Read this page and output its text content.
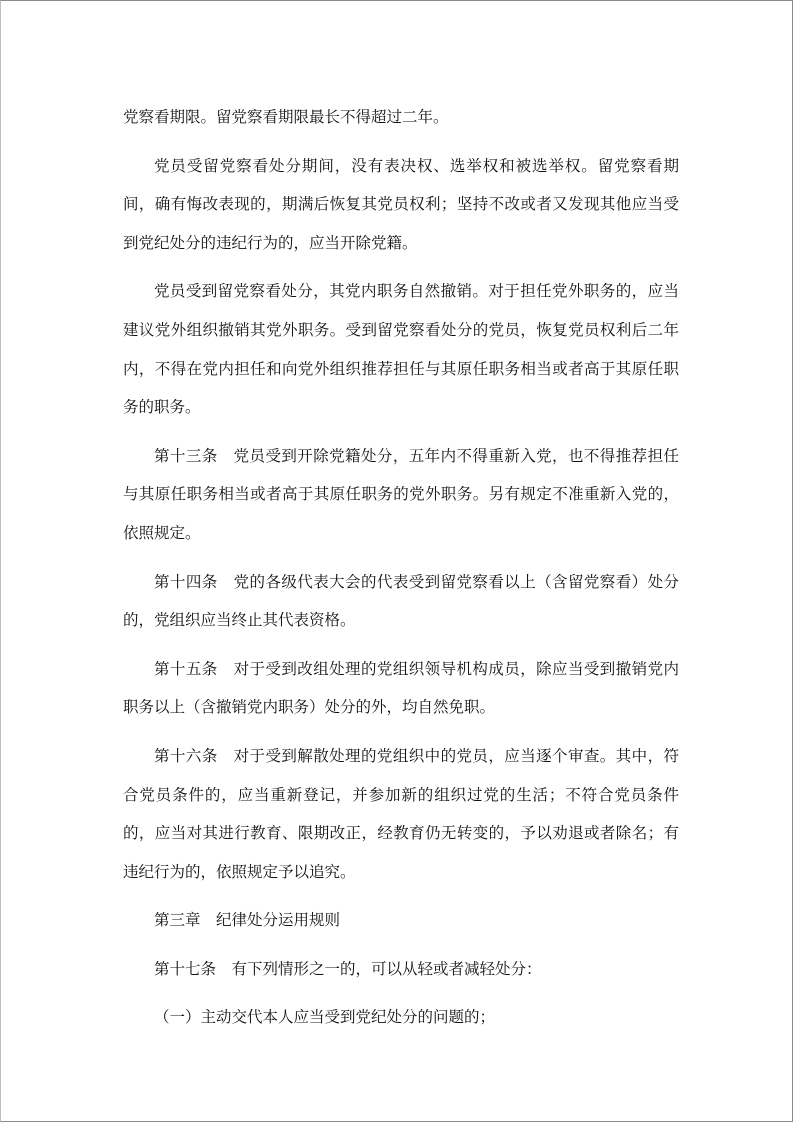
党察看期限。留党察看期限最长不得超过二年。

党员受留党察看处分期间，没有表决权、选举权和被选举权。留党察看期间，确有悔改表现的，期满后恢复其党员权利；坚持不改或者又发现其他应当受到党纪处分的违纪行为的，应当开除党籍。

党员受到留党察看处分，其党内职务自然撤销。对于担任党外职务的，应当建议党外组织撤销其党外职务。受到留党察看处分的党员，恢复党员权利后二年内，不得在党内担任和向党外组织推荐担任与其原任职务相当或者高于其原任职务的职务。

第十三条　党员受到开除党籍处分，五年内不得重新入党，也不得推荐担任与其原任职务相当或者高于其原任职务的党外职务。另有规定不准重新入党的，依照规定。

第十四条　党的各级代表大会的代表受到留党察看以上（含留党察看）处分的，党组织应当终止其代表资格。

第十五条　对于受到改组处理的党组织领导机构成员，除应当受到撤销党内职务以上（含撤销党内职务）处分的外，均自然免职。

第十六条　对于受到解散处理的党组织中的党员，应当逐个审查。其中，符合党员条件的，应当重新登记，并参加新的组织过党的生活；不符合党员条件的，应当对其进行教育、限期改正，经教育仍无转变的，予以劝退或者除名；有违纪行为的，依照规定予以追究。

第三章　纪律处分运用规则

第十七条　有下列情形之一的，可以从轻或者减轻处分：

（一）主动交代本人应当受到党纪处分的问题的；
